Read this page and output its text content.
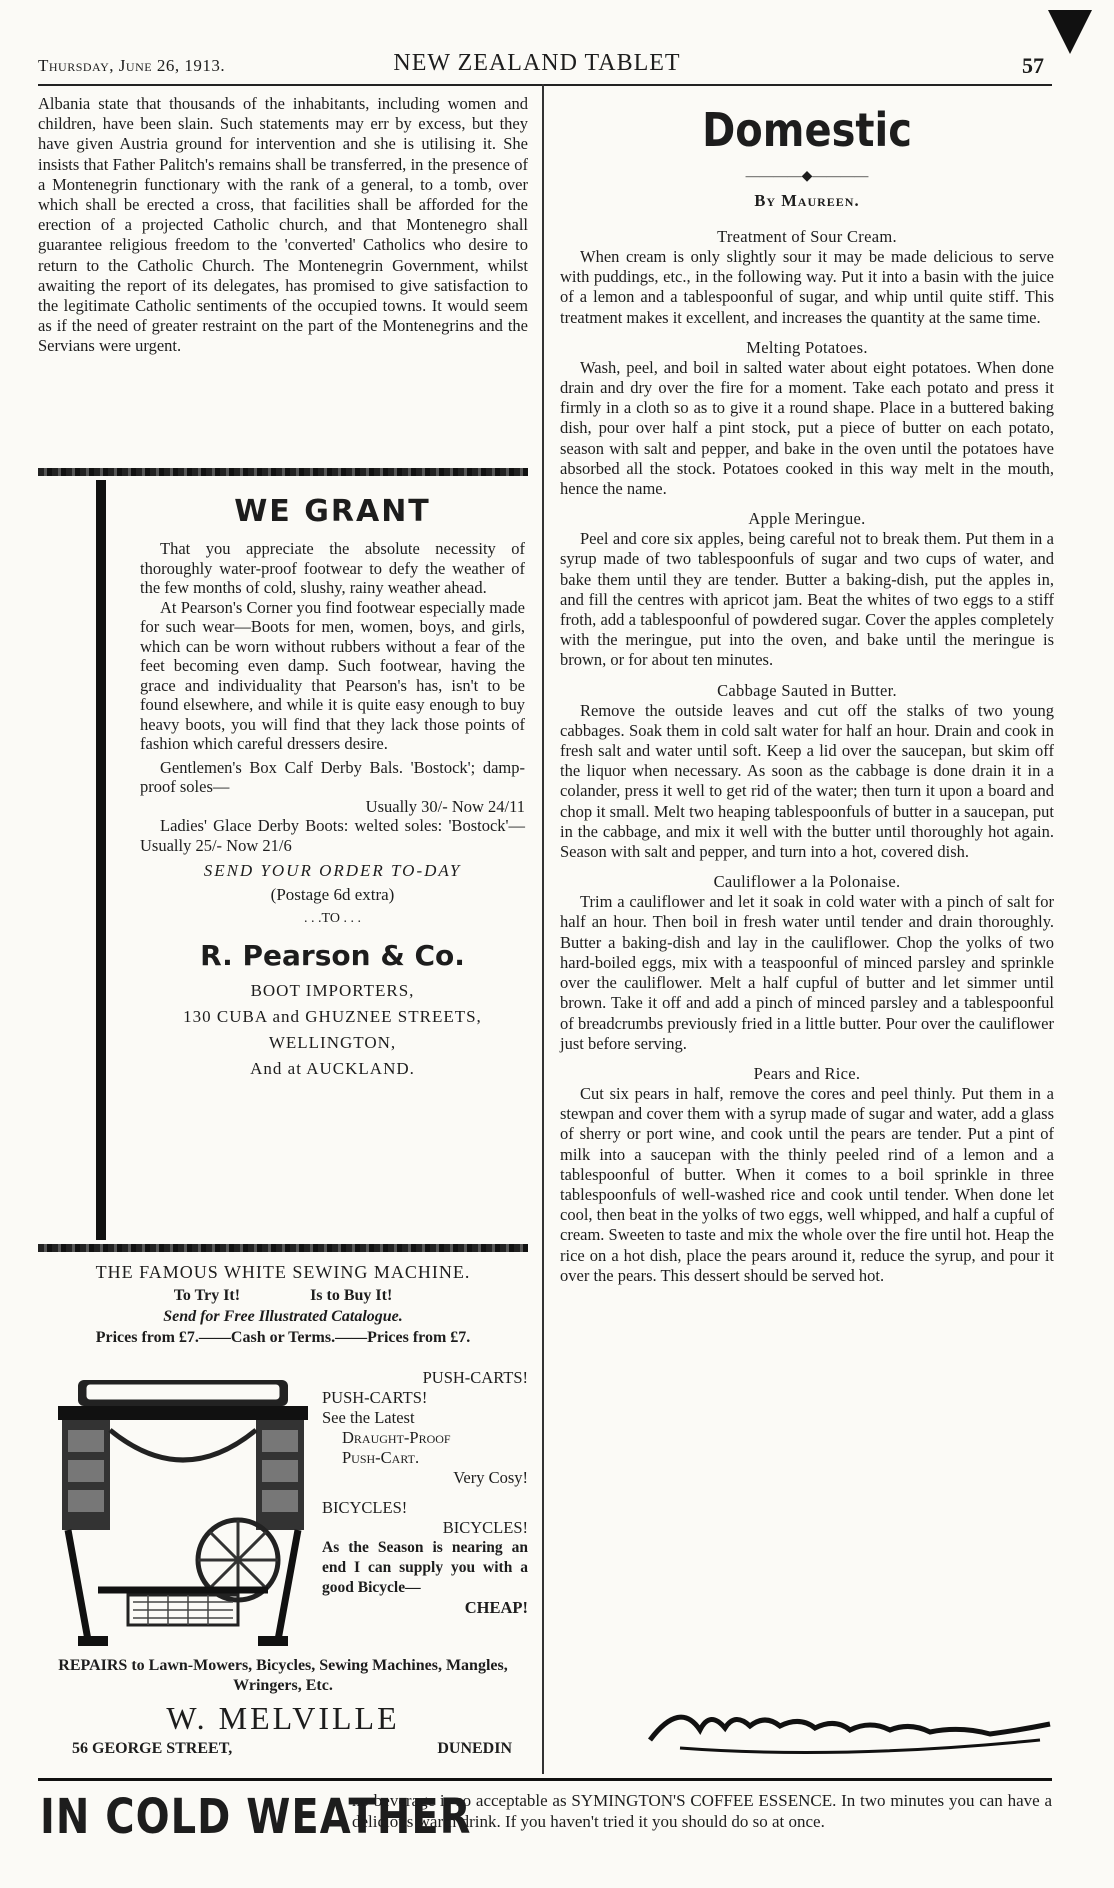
Thursday, June 26, 1913.	NEW ZEALAND TABLET	57

Albania state that thousands of the inhabitants, including women and children, have been slain. Such statements may err by excess, but they have given Austria ground for intervention and she is utilising it. She insists that Father Palitch's remains shall be transferred, in the presence of a Montenegrin functionary with the rank of a general, to a tomb, over which shall be erected a cross, that facilities shall be afforded for the erection of a projected Catholic church, and that Montenegro shall guarantee religious freedom to the 'converted' Catholics who desire to return to the Catholic Church. The Montenegrin Government, whilst awaiting the report of its delegates, has promised to give satisfaction to the legitimate Catholic sentiments of the occupied towns. It would seem as if the need of greater restraint on the part of the Montenegrins and the Servians were urgent.

WE GRANT

That you appreciate the absolute necessity of thoroughly water-proof footwear to defy the weather of the few months of cold, slushy, rainy weather ahead.

At Pearson's Corner you find footwear especially made for such wear—Boots for men, women, boys, and girls, which can be worn without rubbers without a fear of the feet becoming even damp. Such footwear, having the grace and individuality that Pearson's has, isn't to be found elsewhere, and while it is quite easy enough to buy heavy boots, you will find that they lack those points of fashion which careful dressers desire.

Gentlemen's Box Calf Derby Bals. 'Bostock'; damp-proof soles—

Usually 30/- Now 24/11

Ladies' Glace Derby Boots: welted soles: 'Bostock'—Usually 25/- Now 21/6

SEND YOUR ORDER TO-DAY
(Postage 6d extra)
. . .TO . . .
R. Pearson & Co.
BOOT IMPORTERS,
130 CUBA and GHUZNEE STREETS,
WELLINGTON,
And at AUCKLAND.
THE FAMOUS WHITE SEWING MACHINE.
To Try It!	Is to Buy It!
Send for Free Illustrated Catalogue.
Prices from £7.——Cash or Terms.——Prices from £7.
PUSH-CARTS!
PUSH-CARTS!
See the Latest
Draught-Proof
Push-Cart.
Very Cosy!
BICYCLES!
BICYCLES!
As the Season is nearing an end I can supply you with a good Bicycle—
CHEAP!
REPAIRS to Lawn-Mowers, Bicycles, Sewing Machines, Mangles, Wringers, Etc.
W. MELVILLE
56 GEORGE STREET,	DUNEDIN
Domestic
――――◆――――
By Maureen.
Treatment of Sour Cream.

When cream is only slightly sour it may be made delicious to serve with puddings, etc., in the following way. Put it into a basin with the juice of a lemon and a tablespoonful of sugar, and whip until quite stiff. This treatment makes it excellent, and increases the quantity at the same time.

Melting Potatoes.

Wash, peel, and boil in salted water about eight potatoes. When done drain and dry over the fire for a moment. Take each potato and press it firmly in a cloth so as to give it a round shape. Place in a buttered baking dish, pour over half a pint stock, put a piece of butter on each potato, season with salt and pepper, and bake in the oven until the potatoes have absorbed all the stock. Potatoes cooked in this way melt in the mouth, hence the name.

Apple Meringue.

Peel and core six apples, being careful not to break them. Put them in a syrup made of two tablespoonfuls of sugar and two cups of water, and bake them until they are tender. Butter a baking-dish, put the apples in, and fill the centres with apricot jam. Beat the whites of two eggs to a stiff froth, add a tablespoonful of powdered sugar. Cover the apples completely with the meringue, put into the oven, and bake until the meringue is brown, or for about ten minutes.

Cabbage Sauted in Butter.

Remove the outside leaves and cut off the stalks of two young cabbages. Soak them in cold salt water for half an hour. Drain and cook in fresh salt and water until soft. Keep a lid over the saucepan, but skim off the liquor when necessary. As soon as the cabbage is done drain it in a colander, press it well to get rid of the water; then turn it upon a board and chop it small. Melt two heaping tablespoonfuls of butter in a saucepan, put in the cabbage, and mix it well with the butter until thoroughly hot again. Season with salt and pepper, and turn into a hot, covered dish.

Cauliflower a la Polonaise.

Trim a cauliflower and let it soak in cold water with a pinch of salt for half an hour. Then boil in fresh water until tender and drain thoroughly. Butter a baking-dish and lay in the cauliflower. Chop the yolks of two hard-boiled eggs, mix with a teaspoonful of minced parsley and sprinkle over the cauliflower. Melt a half cupful of butter and let simmer until brown. Take it off and add a pinch of minced parsley and a tablespoonful of breadcrumbs previously fried in a little butter. Pour over the cauliflower just before serving.

Pears and Rice.

Cut six pears in half, remove the cores and peel thinly. Put them in a stewpan and cover them with a syrup made of sugar and water, add a glass of sherry or port wine, and cook until the pears are tender. Put a pint of milk into a saucepan with the thinly peeled rind of a lemon and a tablespoonful of butter. When it comes to a boil sprinkle in three tablespoonfuls of well-washed rice and cook until tender. When done let cool, then beat in the yolks of two eggs, well whipped, and half a cupful of cream. Sweeten to taste and mix the whole over the fire until hot. Heap the rice on a hot dish, place the pears around it, reduce the syrup, and pour it over the pears. This dessert should be served hot.

IN COLD WEATHER
no beverage is so acceptable as SYMINGTON'S COFFEE ESSENCE. In two minutes you can have a delicious warm drink. If you haven't tried it you should do so at once.
